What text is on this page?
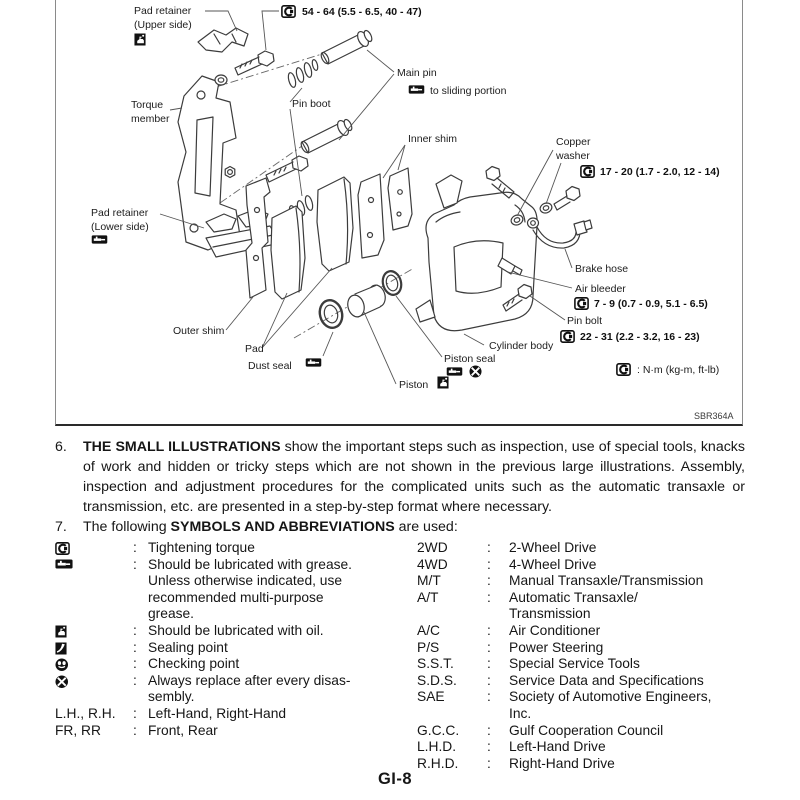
Pad retainer
(Upper side)
54 - 64 (5.5 - 6.5, 40 - 47)
Main pin
to sliding portion
Pin boot
Torque
member
Inner shim	Copper
washer
17 - 20 (1.7 - 2.0, 12 - 14)
Pad retainer
(Lower side)
Brake hose
Air bleeder
7 - 9 (0.7 - 0.9, 5.1 - 6.5)
Pin bolt
22 - 31 (2.2 - 3.2, 16 - 23)
Cylinder body
Outer shim
Pad
Dust seal
Piston seal
Piston
: N·m (kg-m, ft-lb)
SBR364A
6.	THE SMALL ILLUSTRATIONS show the important steps such as inspection, use of special tools, knacks of work and hidden or tricky steps which are not shown in the previous large illustrations. Assembly, inspection and adjustment procedures for the complicated units such as the automatic transaxle or transmission, etc. are presented in a step-by-step format where necessary.
7.	The following SYMBOLS AND ABBREVIATIONS are used:
: Tightening torque
: Should be lubricated with grease.
Unless otherwise indicated, use
recommended multi-purpose
grease.
: Should be lubricated with oil.
: Sealing point
: Checking point
: Always replace after every disas-
sembly.
L.H., R.H.	: Left-Hand, Right-Hand
FR, RR	: Front, Rear
2WD	:	2-Wheel Drive
4WD	:	4-Wheel Drive
M/T	:	Manual Transaxle/Transmission
A/T	:	Automatic Transaxle/
Transmission
A/C	:	Air Conditioner
P/S	:	Power Steering
S.S.T.	:	Special Service Tools
S.D.S.	:	Service Data and Specifications
SAE	:	Society of Automotive Engineers,
Inc.
G.C.C.	:	Gulf Cooperation Council
L.H.D.	:	Left-Hand Drive
R.H.D.	:	Right-Hand Drive
GI-8
